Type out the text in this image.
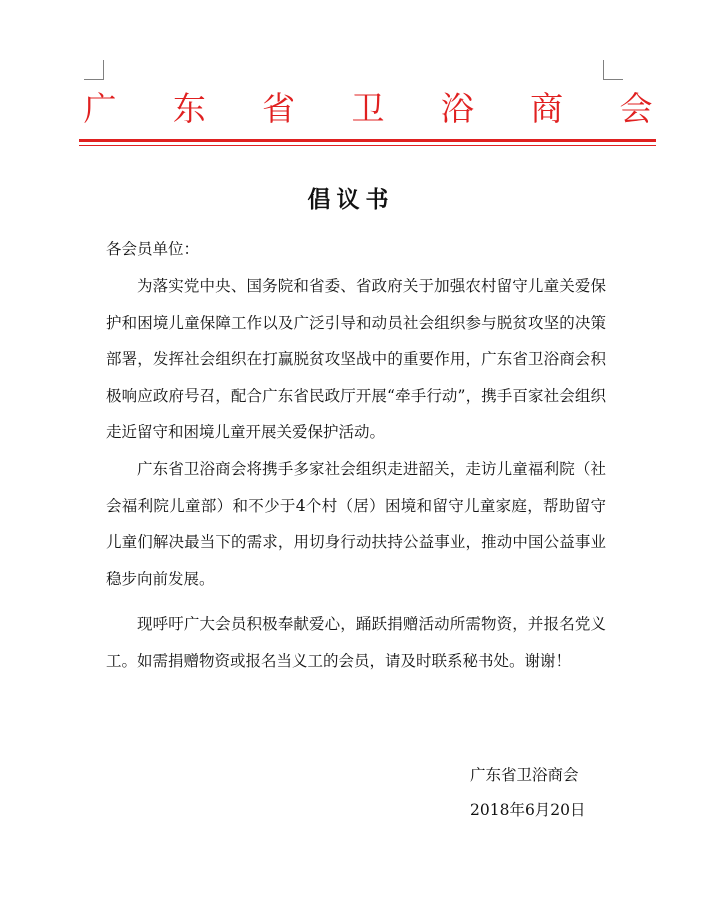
广 东 省 卫 浴 商 会
倡议书
各会员单位：

为落实党中央、国务院和省委、省政府关于加强农村留守儿童关爱保护和困境儿童保障工作以及广泛引导和动员社会组织参与脱贫攻坚的决策部署，发挥社会组织在打赢脱贫攻坚战中的重要作用，广东省卫浴商会积极响应政府号召，配合广东省民政厅开展“牵手行动”，携手百家社会组织走近留守和困境儿童开展关爱保护活动。

广东省卫浴商会将携手多家社会组织走进韶关，走访儿童福利院（社会福利院儿童部）和不少于4个村（居）困境和留守儿童家庭，帮助留守儿童们解决最当下的需求，用切身行动扶持公益事业，推动中国公益事业稳步向前发展。

现呼吁广大会员积极奉献爱心，踊跃捐赠活动所需物资，并报名党义工。如需捐赠物资或报名当义工的会员，请及时联系秘书处。谢谢！

广东省卫浴商会
2018年6月20日
